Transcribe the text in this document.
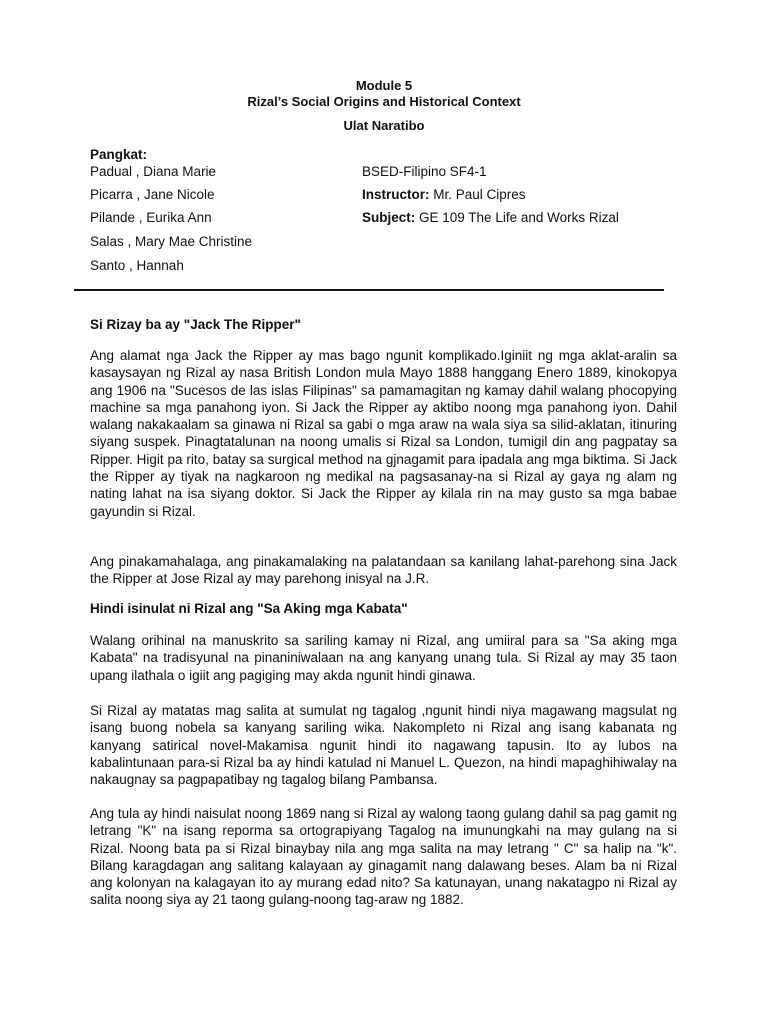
Module 5
Rizal’s Social Origins and Historical Context
Ulat Naratibo
Pangkat:
Padual , Diana Marie
Picarra , Jane Nicole
Pilande , Eurika Ann
Salas , Mary Mae Christine
Santo , Hannah
BSED-Filipino SF4-1
Instructor: Mr. Paul Cipres
Subject: GE 109 The Life and Works Rizal
Si Rizay ba ay "Jack The Ripper"

Ang alamat nga Jack the Ripper ay mas bago ngunit komplikado.Iginiit ng mga aklat-aralin sa kasaysayan ng Rizal ay nasa British London mula Mayo 1888 hanggang Enero 1889, kinokopya ang 1906 na "Sucesos de las islas Filipinas" sa pamamagitan ng kamay dahil walang phocopying machine sa mga panahong iyon. Si Jack the Ripper ay aktibo noong mga panahong iyon. Dahil walang nakakaalam sa ginawa ni Rizal sa gabi o mga araw na wala siya sa silid-aklatan, itinuring siyang suspek. Pinagtatalunan na noong umalis si Rizal sa London, tumigil din ang pagpatay sa Ripper. Higit pa rito, batay sa surgical method na gjnagamit para ipadala ang mga biktima. Si Jack the Ripper ay tiyak na nagkaroon ng medikal na pagsasanay-na si Rizal ay gaya ng alam ng nating lahat na isa siyang doktor. Si Jack the Ripper ay kilala rin na may gusto sa mga babae gayundin si Rizal.

Ang pinakamahalaga, ang pinakamalaking na palatandaan sa kanilang lahat-parehong sina Jack the Ripper at Jose Rizal ay may parehong inisyal na J.R.

Hindi isinulat ni Rizal ang "Sa Aking mga Kabata"

Walang orihinal na manuskrito sa sariling kamay ni Rizal, ang umiiral para sa "Sa aking mga Kabata" na tradisyunal na pinaniniwalaan na ang kanyang unang tula. Si Rizal ay may 35 taon upang ilathala o igiit ang pagiging may akda ngunit hindi ginawa.

Si Rizal ay matatas mag salita at sumulat ng tagalog ,ngunit hindi niya magawang magsulat ng isang buong nobela sa kanyang sariling wika. Nakompleto ni Rizal ang isang kabanata ng kanyang satirical novel-Makamisa ngunit hindi ito nagawang tapusin. Ito ay lubos na kabalintunaan para-si Rizal ba ay hindi katulad ni Manuel L. Quezon, na hindi mapaghihiwalay na nakaugnay sa pagpapatibay ng tagalog bilang Pambansa.

Ang tula ay hindi naisulat noong 1869 nang si Rizal ay walong taong gulang dahil sa pag gamit ng letrang "K" na isang reporma sa ortograpiyang Tagalog na imunungkahi na may gulang na si Rizal. Noong bata pa si Rizal binaybay nila ang mga salita na may letrang " C" sa halip na "k". Bilang karagdagan ang salitang kalayaan ay ginagamit nang dalawang beses. Alam ba ni Rizal ang kolonyan na kalagayan ito ay murang edad nito? Sa katunayan, unang nakatagpo ni Rizal ay salita noong siya ay 21 taong gulang-noong tag-araw ng 1882.
